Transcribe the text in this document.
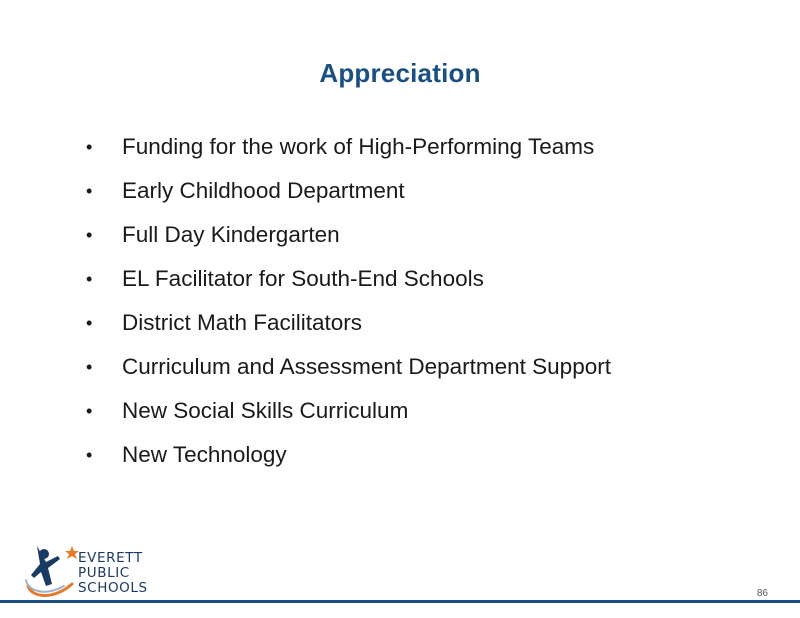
Appreciation
• Funding for the work of High-Performing Teams
• Early Childhood Department
• Full Day Kindergarten
• EL Facilitator for South-End Schools
• District Math Facilitators
• Curriculum and Assessment Department Support
• New Social Skills Curriculum
• New Technology
EVERETT
PUBLIC
SCHOOLS	86
